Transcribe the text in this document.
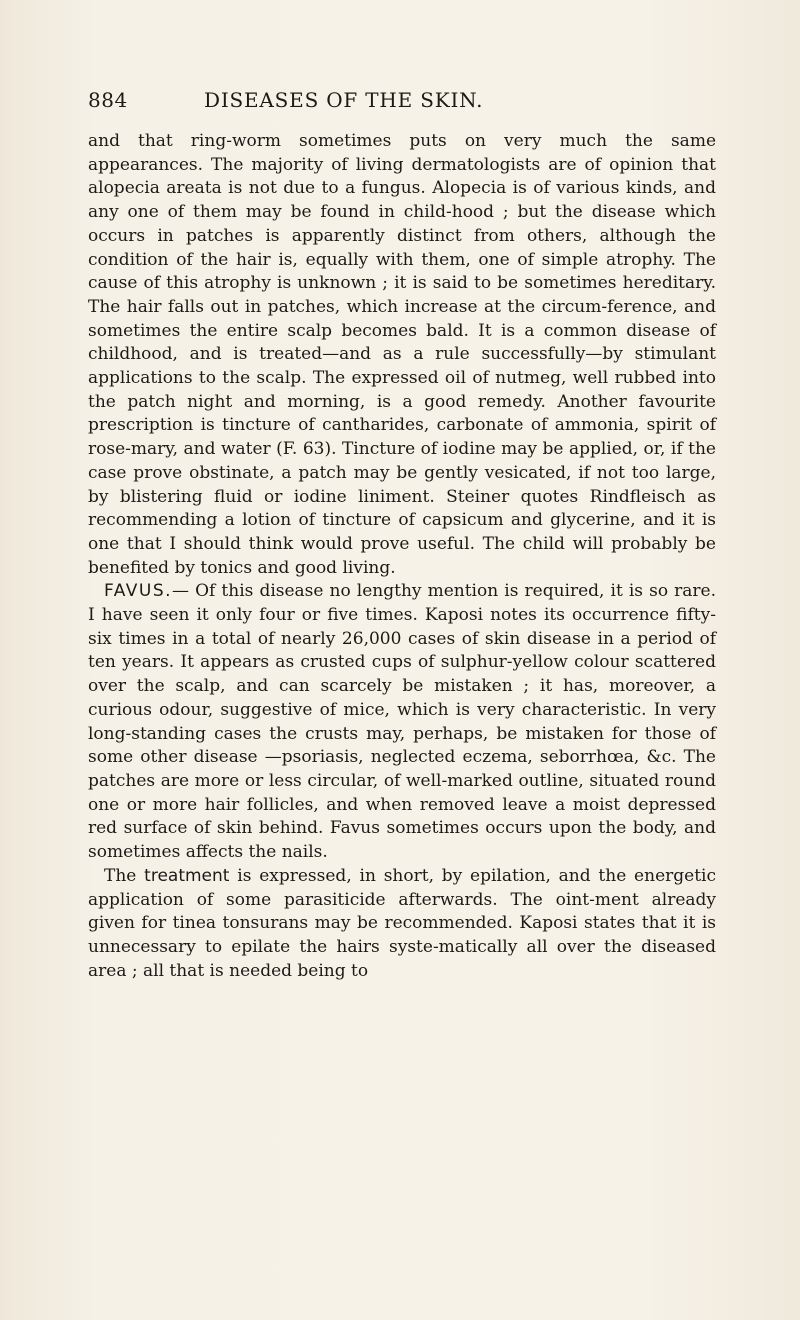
884	DISEASES OF THE SKIN.

and that ring-worm sometimes puts on very much the same appearances. The majority of living dermatologists are of opinion that alopecia areata is not due to a fungus. Alopecia is of various kinds, and any one of them may be found in child-hood ; but the disease which occurs in patches is apparently distinct from others, although the condition of the hair is, equally with them, one of simple atrophy. The cause of this atrophy is unknown ; it is said to be sometimes hereditary. The hair falls out in patches, which increase at the circum-ference, and sometimes the entire scalp becomes bald. It is a common disease of childhood, and is treated—and as a rule successfully—by stimulant applications to the scalp. The expressed oil of nutmeg, well rubbed into the patch night and morning, is a good remedy. Another favourite prescription is tincture of cantharides, carbonate of ammonia, spirit of rose-mary, and water (F. 63). Tincture of iodine may be applied, or, if the case prove obstinate, a patch may be gently vesicated, if not too large, by blistering fluid or iodine liniment. Steiner quotes Rindfleisch as recommending a lotion of tincture of capsicum and glycerine, and it is one that I should think would prove useful. The child will probably be benefited by tonics and good living.

FAVUS.— Of this disease no lengthy mention is required, it is so rare. I have seen it only four or five times. Kaposi notes its occurrence fifty-six times in a total of nearly 26,000 cases of skin disease in a period of ten years. It appears as crusted cups of sulphur-yellow colour scattered over the scalp, and can scarcely be mistaken ; it has, moreover, a curious odour, suggestive of mice, which is very characteristic. In very long-standing cases the crusts may, perhaps, be mistaken for those of some other disease —psoriasis, neglected eczema, seborrhœa, &c. The patches are more or less circular, of well-marked outline, situated round one or more hair follicles, and when removed leave a moist depressed red surface of skin behind. Favus sometimes occurs upon the body, and sometimes affects the nails.

The treatment is expressed, in short, by epilation, and the energetic application of some parasiticide afterwards. The oint-ment already given for tinea tonsurans may be recommended. Kaposi states that it is unnecessary to epilate the hairs syste-matically all over the diseased area ; all that is needed being to
